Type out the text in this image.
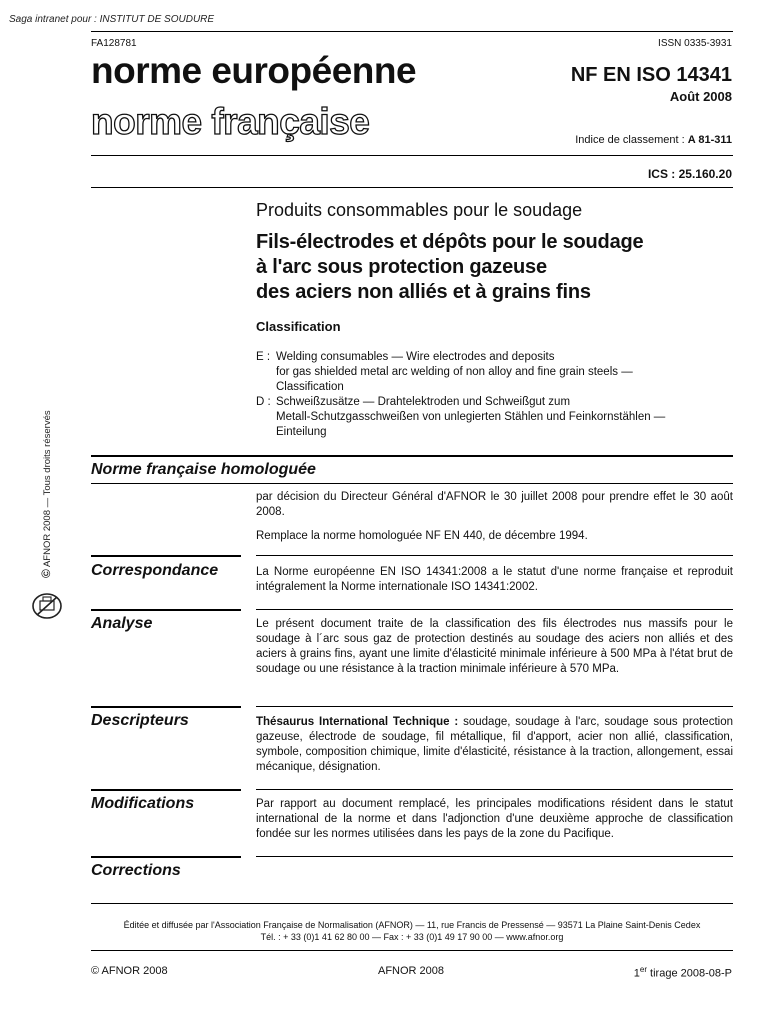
Saga intranet pour : INSTITUT DE SOUDURE
FA128781	ISSN 0335-3931
norme européenne
norme française
NF EN ISO 14341
Août 2008
Indice de classement : A 81-311
ICS : 25.160.20
Produits consommables pour le soudage
Fils-électrodes et dépôts pour le soudage
à l'arc sous protection gazeuse
des aciers non alliés et à grains fins
Classification
E : Welding consumables — Wire electrodes and deposits
for gas shielded metal arc welding of non alloy and fine grain steels —
Classification
D : Schweißzusätze — Drahtelektroden und Schweißgut zum
Metall-Schutzgasschweißen von unlegierten Stählen und Feinkornstählen —
Einteilung
© AFNOR 2008 — Tous droits réservés	Norme française homologuée

par décision du Directeur Général d'AFNOR le 30 juillet 2008 pour prendre effet le 30 août 2008.

Remplace la norme homologuée NF EN 440, de décembre 1994.

Correspondance	La Norme européenne EN ISO 14341:2008 a le statut d'une norme française et reproduit intégralement la Norme internationale ISO 14341:2002.
Analyse	Le présent document traite de la classification des fils électrodes nus massifs pour le soudage à l´arc sous gaz de protection destinés au soudage des aciers non alliés et des aciers à grains fins, ayant une limite d'élasticité minimale inférieure à 500 MPa à l'état brut de soudage ou une résistance à la traction minimale inférieure à 570 MPa.
Descripteurs	Thésaurus International Technique : soudage, soudage à l'arc, soudage sous protection gazeuse, électrode de soudage, fil métallique, fil d'apport, acier non allié, classification, symbole, composition chimique, limite d'élasticité, résistance à la traction, allongement, essai mécanique, désignation.
Modifications	Par rapport au document remplacé, les principales modifications résident dans le statut international de la norme et dans l'adjonction d'une deuxième approche de classification fondée sur les normes utilisées dans les pays de la zone du Pacifique.
Corrections
Éditée et diffusée par l'Association Française de Normalisation (AFNOR) — 11, rue Francis de Pressensé — 93571 La Plaine Saint-Denis Cedex
Tél. : + 33 (0)1 41 62 80 00 — Fax : + 33 (0)1 49 17 90 00 — www.afnor.org
© AFNOR 2008	AFNOR 2008	1er tirage 2008-08-P
